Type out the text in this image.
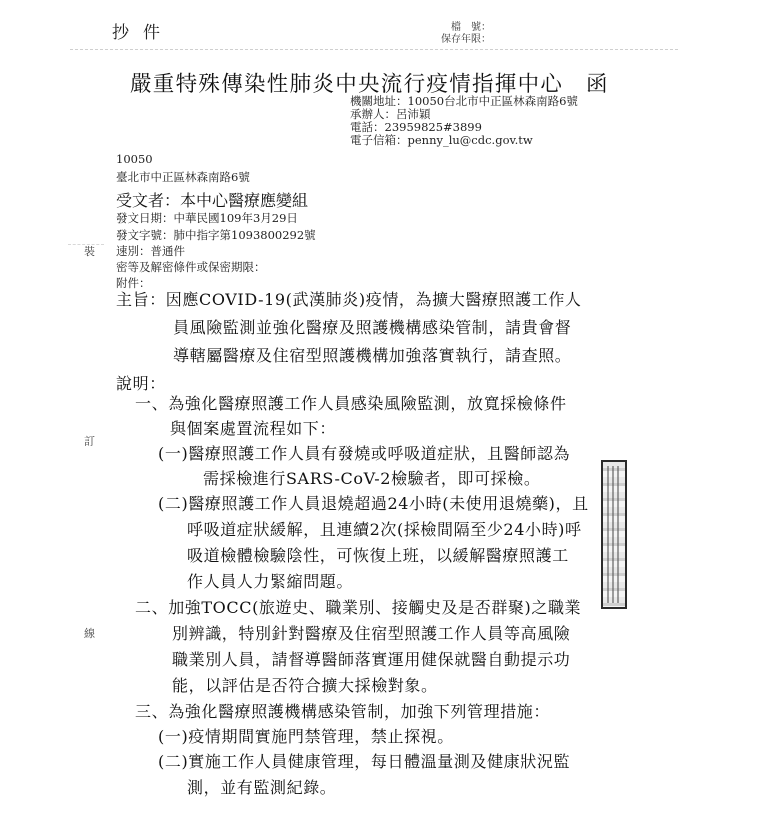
抄件	檔　號：
保存年限：
嚴重特殊傳染性肺炎中央流行疫情指揮中心　函
機關地址：10050台北市中正區林森南路6號
承辦人：呂沛穎
電話：23959825#3899
電子信箱：penny_lu@cdc.gov.tw
10050
臺北市中正區林森南路6號
受文者：本中心醫療應變組
發文日期：中華民國109年3月29日
發文字號：肺中指字第1093800292號
速別：普通件
密等及解密條件或保密期限：
附件：
裝
訂
線
主旨：因應COVID-19(武漢肺炎)疫情，為擴大醫療照護工作人
員風險監測並強化醫療及照護機構感染管制，請貴會督
導轄屬醫療及住宿型照護機構加強落實執行，請查照。
說明：
一、為強化醫療照護工作人員感染風險監測，放寬採檢條件
與個案處置流程如下：
(一)醫療照護工作人員有發燒或呼吸道症狀，且醫師認為
需採檢進行SARS-CoV-2檢驗者，即可採檢。
(二)醫療照護工作人員退燒超過24小時(未使用退燒藥)，且
呼吸道症狀緩解，且連續2次(採檢間隔至少24小時)呼
吸道檢體檢驗陰性，可恢復上班，以緩解醫療照護工
作人員人力緊縮問題。
二、加強TOCC(旅遊史、職業別、接觸史及是否群聚)之職業
別辨識，特別針對醫療及住宿型照護工作人員等高風險
職業別人員，請督導醫師落實運用健保就醫自動提示功
能，以評估是否符合擴大採檢對象。
三、為強化醫療照護機構感染管制，加強下列管理措施：
(一)疫情期間實施門禁管理，禁止探視。
(二)實施工作人員健康管理，每日體溫量測及健康狀況監
測，並有監測紀錄。
